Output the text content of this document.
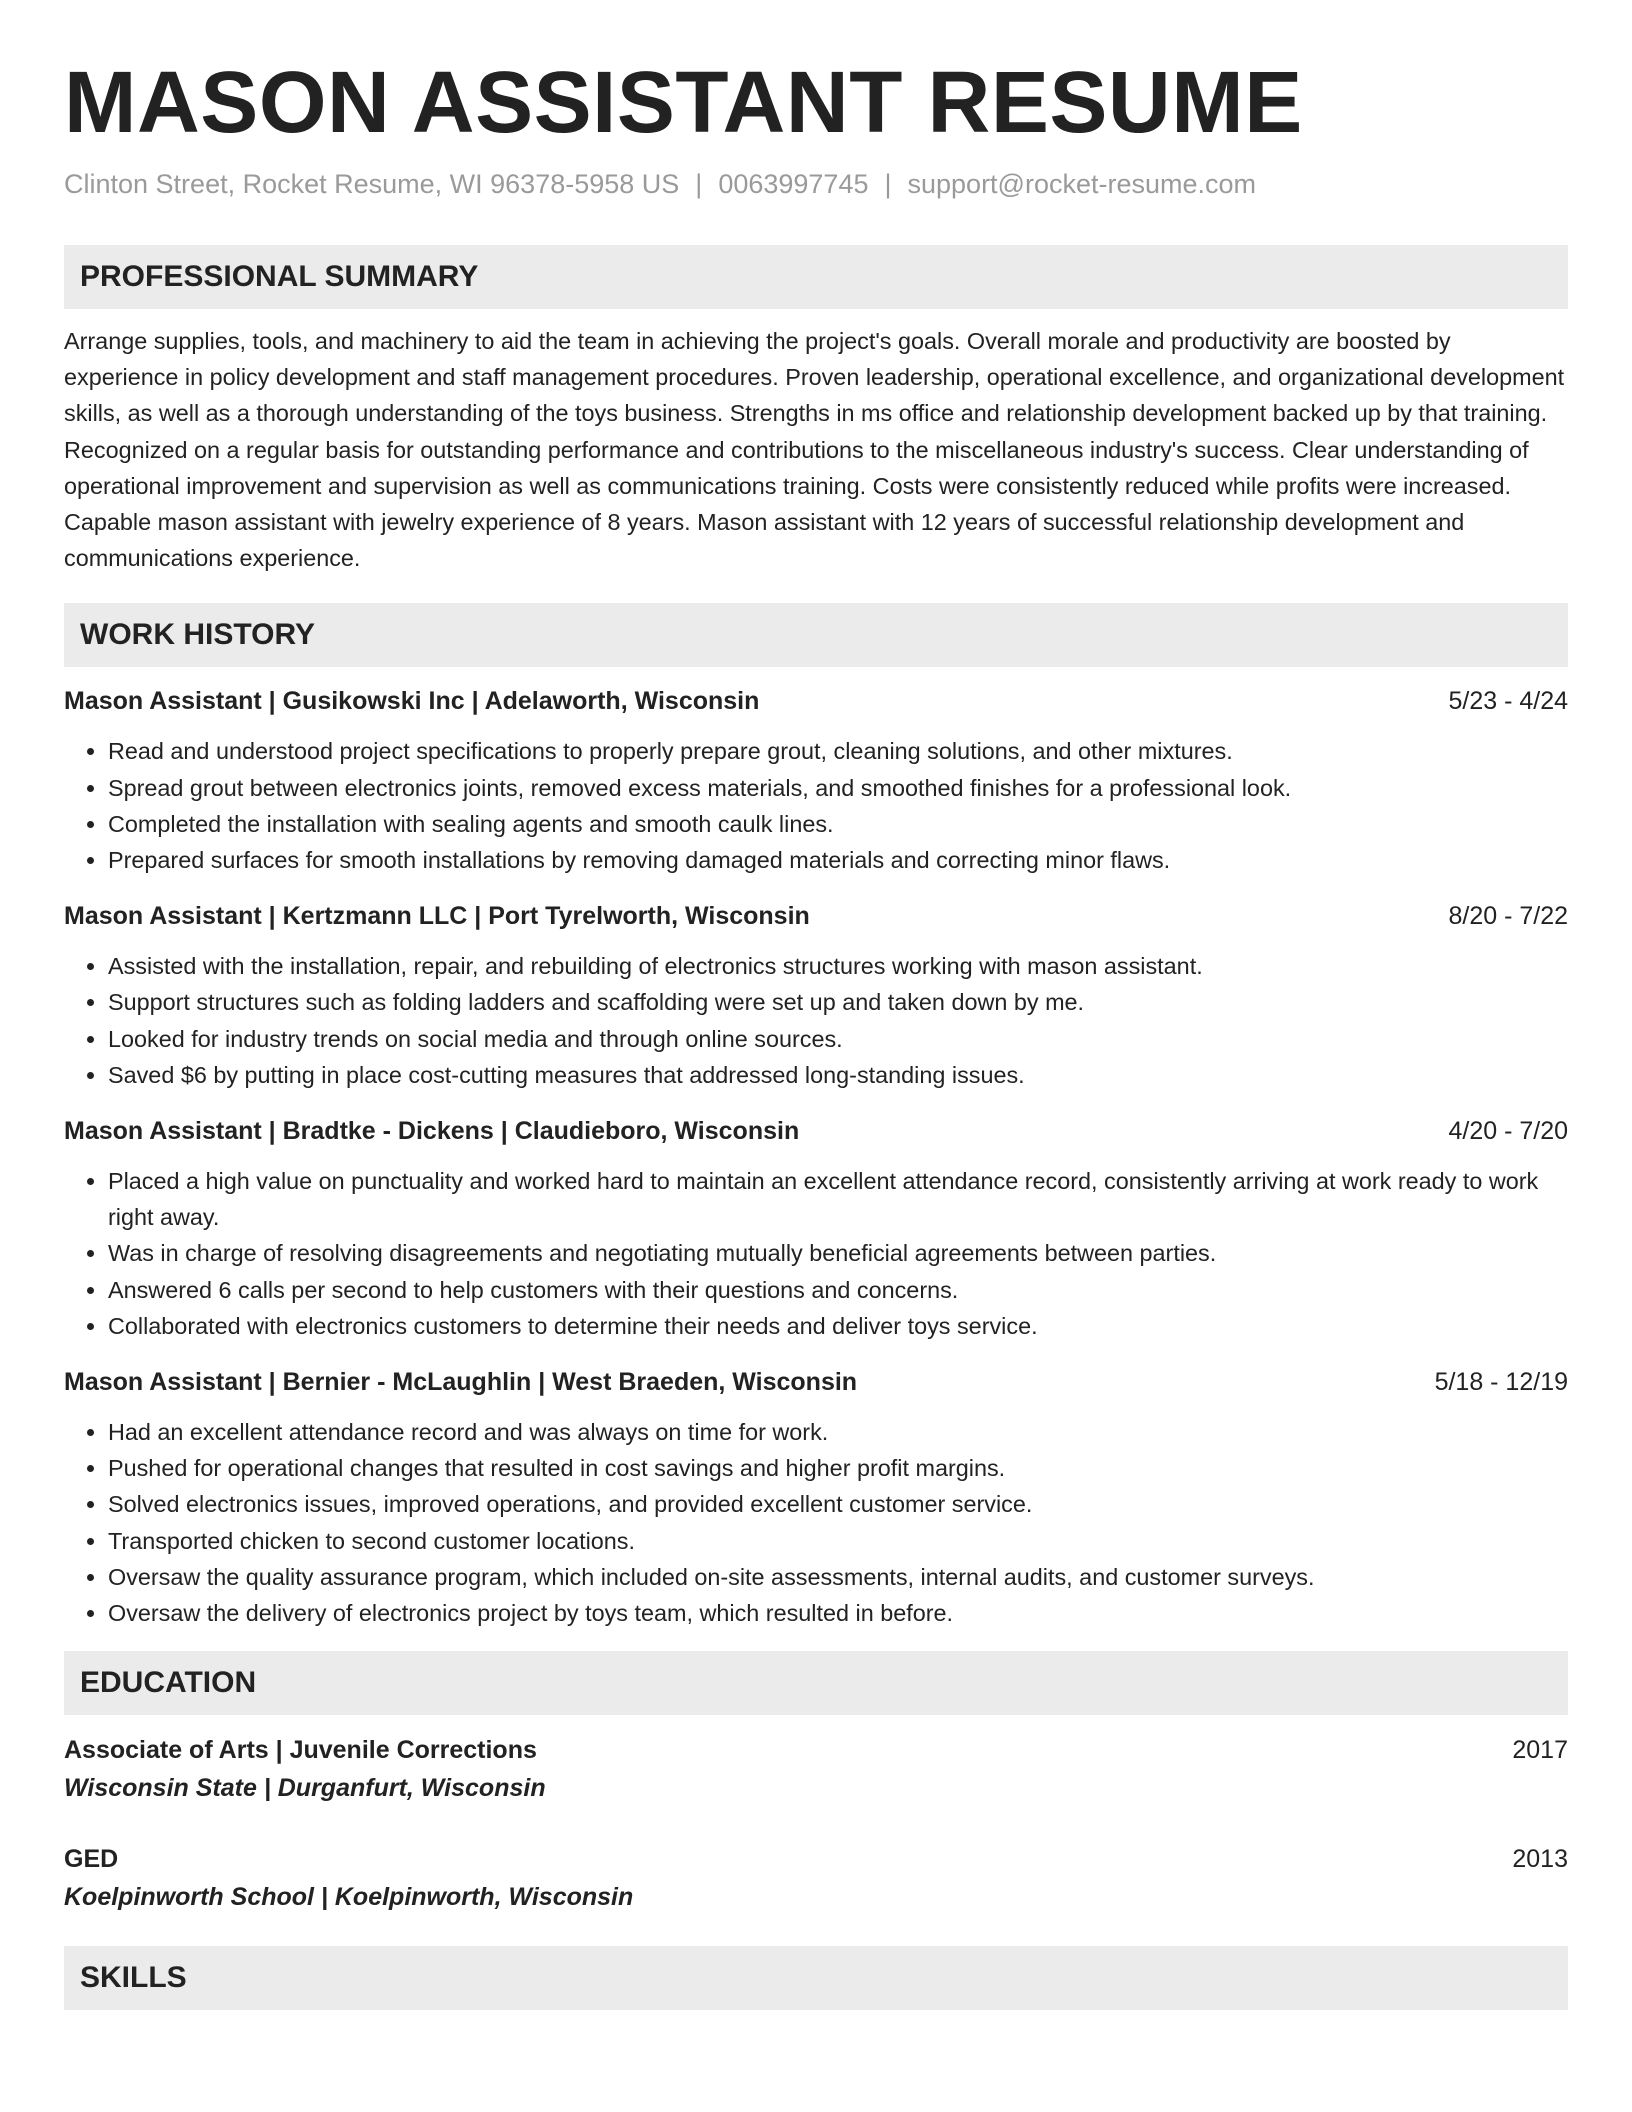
MASON ASSISTANT RESUME
Clinton Street, Rocket Resume, WI 96378-5958 US | 0063997745 | support@rocket-resume.com
PROFESSIONAL SUMMARY

Arrange supplies, tools, and machinery to aid the team in achieving the project's goals. Overall morale and productivity are boosted by experience in policy development and staff management procedures. Proven leadership, operational excellence, and organizational development skills, as well as a thorough understanding of the toys business. Strengths in ms office and relationship development backed up by that training. Recognized on a regular basis for outstanding performance and contributions to the miscellaneous industry's success. Clear understanding of operational improvement and supervision as well as communications training. Costs were consistently reduced while profits were increased. Capable mason assistant with jewelry experience of 8 years. Mason assistant with 12 years of successful relationship development and communications experience.

WORK HISTORY
Mason Assistant | Gusikowski Inc | Adelaworth, Wisconsin	5/23 - 4/24
• Read and understood project specifications to properly prepare grout, cleaning solutions, and other mixtures.
• Spread grout between electronics joints, removed excess materials, and smoothed finishes for a professional look.
• Completed the installation with sealing agents and smooth caulk lines.
• Prepared surfaces for smooth installations by removing damaged materials and correcting minor flaws.
Mason Assistant | Kertzmann LLC | Port Tyrelworth, Wisconsin	8/20 - 7/22
• Assisted with the installation, repair, and rebuilding of electronics structures working with mason assistant.
• Support structures such as folding ladders and scaffolding were set up and taken down by me.
• Looked for industry trends on social media and through online sources.
• Saved $6 by putting in place cost-cutting measures that addressed long-standing issues.
Mason Assistant | Bradtke - Dickens | Claudieboro, Wisconsin	4/20 - 7/20
• Placed a high value on punctuality and worked hard to maintain an excellent attendance record, consistently arriving at work ready to work right away.
• Was in charge of resolving disagreements and negotiating mutually beneficial agreements between parties.
• Answered 6 calls per second to help customers with their questions and concerns.
• Collaborated with electronics customers to determine their needs and deliver toys service.
Mason Assistant | Bernier - McLaughlin | West Braeden, Wisconsin	5/18 - 12/19
• Had an excellent attendance record and was always on time for work.
• Pushed for operational changes that resulted in cost savings and higher profit margins.
• Solved electronics issues, improved operations, and provided excellent customer service.
• Transported chicken to second customer locations.
• Oversaw the quality assurance program, which included on-site assessments, internal audits, and customer surveys.
• Oversaw the delivery of electronics project by toys team, which resulted in before.
EDUCATION
Associate of Arts | Juvenile Corrections	2017
Wisconsin State | Durganfurt, Wisconsin
GED	2013
Koelpinworth School | Koelpinworth, Wisconsin
SKILLS
